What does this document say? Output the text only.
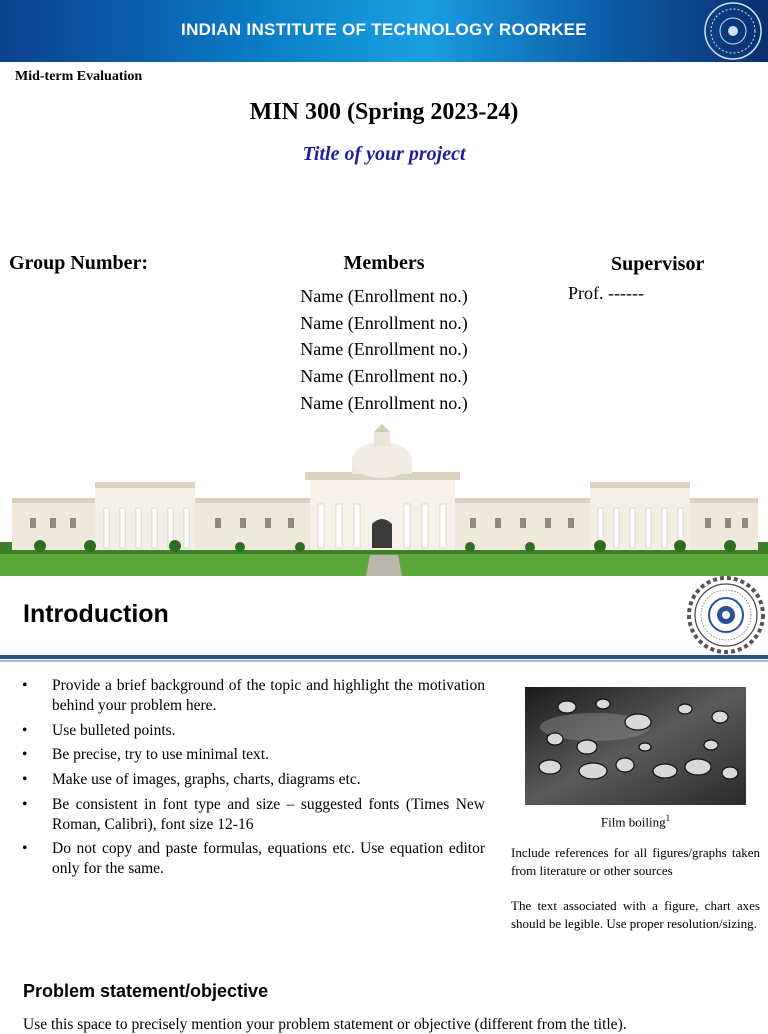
INDIAN INSTITUTE OF TECHNOLOGY ROORKEE
Mid-term Evaluation
MIN 300 (Spring 2023-24)
Title of your project
Group Number:	Members	Supervisor
Name (Enrollment no.)
Name (Enrollment no.)
Name (Enrollment no.)
Name (Enrollment no.)
Name (Enrollment no.)
Prof. ------
Introduction
• Provide a brief background of the topic and highlight the motivation behind your problem here.
• Use bulleted points.
• Be precise, try to use minimal text.
• Make use of images, graphs, charts, diagrams etc.
• Be consistent in font type and size – suggested fonts (Times New Roman, Calibri), font size 12-16
• Do not copy and paste formulas, equations etc. Use equation editor only for the same.
Film boiling$^1$
Include references for all figures/graphs taken from literature or other sources
The text associated with a figure, chart axes should be legible. Use proper resolution/sizing.
Problem statement/objective
Use this space to precisely mention your problem statement or objective (different from the title).
